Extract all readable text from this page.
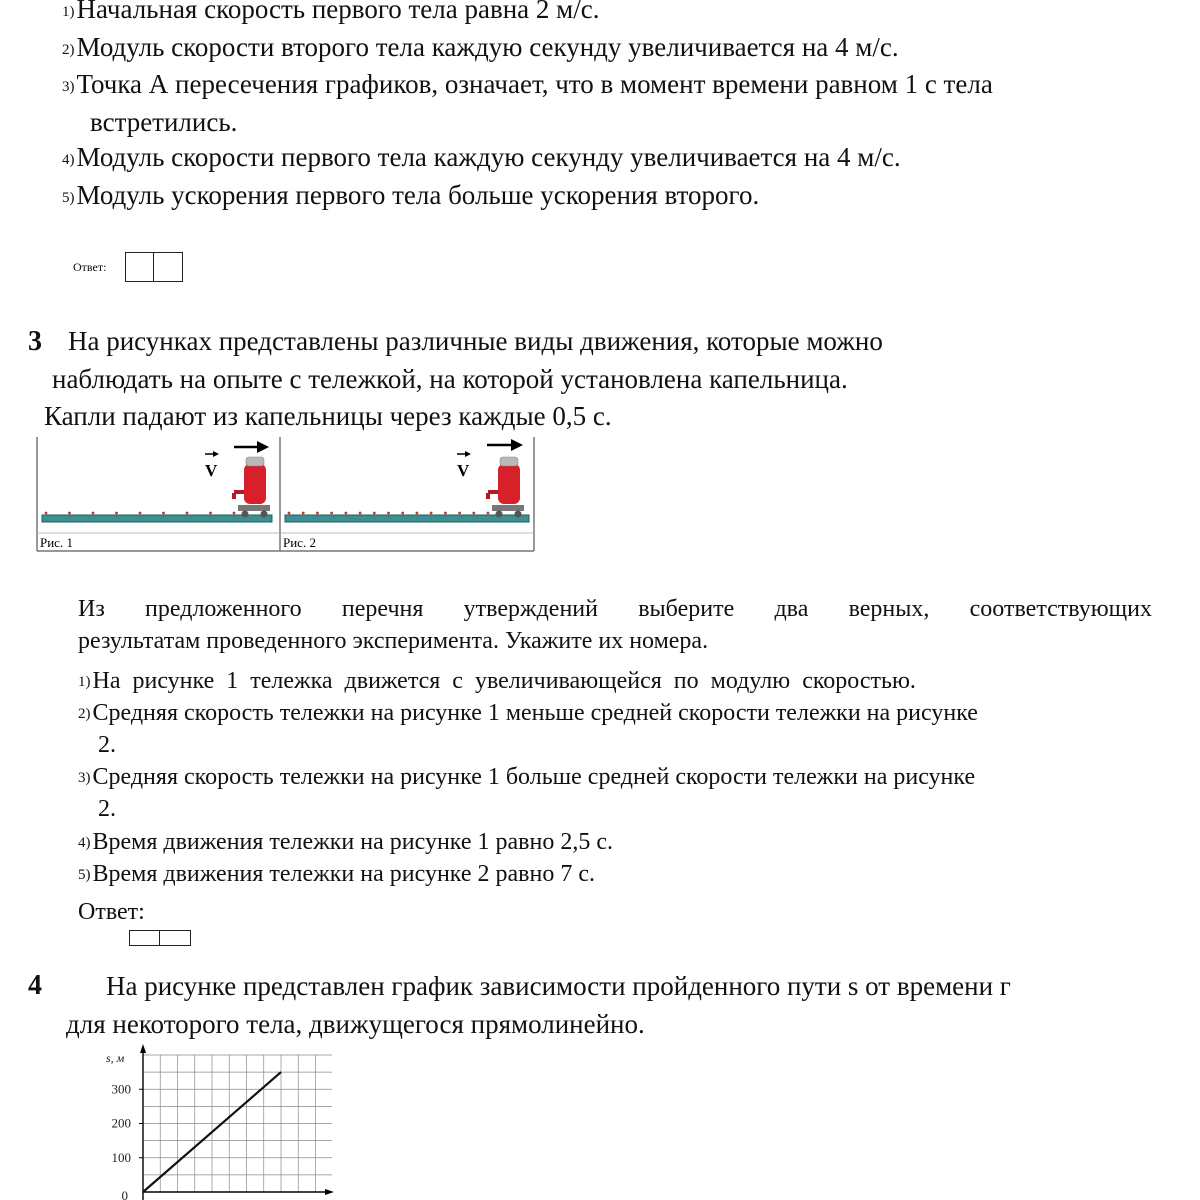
1)Начальная скорость первого тела равна 2 м/с.
2)Модуль скорости второго тела каждую секунду увеличивается на 4 м/с.
3)Точка А пересечения графиков, означает, что в момент времени равном 1 с тела
встретились.
4)Модуль скорости первого тела каждую секунду увеличивается на 4 м/с.
5)Модуль ускорения первого тела больше ускорения второго.
Ответ:
3 На рисунках представлены различные виды движения, которые можно
наблюдать на опыте с тележкой, на которой установлена капельница.
Капли падают из капельницы через каждые 0,5 с.
V
Рис. 1
V
Рис. 2
Из предложенного перечня утверждений выберите два верных, соответствующих
результатам проведенного эксперимента. Укажите их номера.
1)На рисунке 1 тележка движется с увеличивающейся по модулю скоростью.
2)Средняя скорость тележки на рисунке 1 меньше средней скорости тележки на рисунке
2.
3)Средняя скорость тележки на рисунке 1 больше средней скорости тележки на рисунке
2.
4)Время движения тележки на рисунке 1 равно 2,5 с.
5)Время движения тележки на рисунке 2 равно 7 с.
Ответ:
4 На рисунке представлен график зависимости пройденного пути s от времени г
для некоторого тела, движущегося прямолинейно.
s, м
300
200
100
0
